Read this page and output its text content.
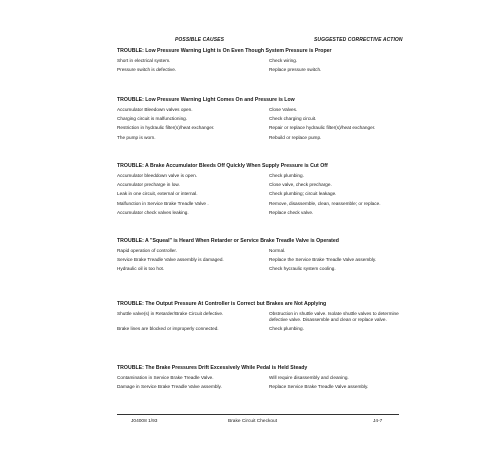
POSSIBLE CAUSES	SUGGESTED CORRECTIVE ACTION
TROUBLE: Low Pressure Warning Light is On Even Though System Pressure is Proper
Short in electrical system.	Check wiring.
Pressure switch is defective.	Replace pressure switch.
TROUBLE: Low Pressure Warning Light Comes On and Pressure is Low
Accumulator Bleedown valves open.	Close Valves.
Charging circuit is malfunctioning.	Check charging circuit.
Restriction in hydraulic filter(s)/heat exchanger.	Repair or replace hydraulic filter(s)/heat exchanger.
The pump is worn.	Rebuild or replace pump.
TROUBLE: A Brake Accumulator Bleeds Off Quickly When Supply Pressure is Cut Off
Accumulator bleeddown valve is open.	Check plumbing.
Accumulator precharge in low.	Close valve, check precharge.
Leak in one circuit, external or internal.	Check plumbing; circuit leakage.
Malfunction in Service Brake Treadle Valve .	Remove, disassemble, clean, reassemble; or replace.
Accumulator check valves leaking.	Replace check valve.
TROUBLE: A "Squeal" is Heard When Retarder or Service Brake Treadle Valve is Operated
Rapid operation of controller.	Normal.
Service Brake Treadle Valve assembly is damaged.	Replace the Service Brake Treadle Valve assembly.
Hydraulic oil is too hot.	Check hycraulic system cooling.
TROUBLE: The Output Pressure At Controller is Correct but Brakes are Not Applying
Shuttle valve(s) in Retarder/Brake Circuit defective.	Obstruction in shuttle valve. Isolate shuttle valves to determine defective valve. Disassemble and clean or replace valve.
Brake lines are blocked or improperly connected.	Check plumbing.
TROUBLE: The Brake Pressures Drift Excessively While Pedal is Held Steady
Contamination in Service Brake Treadle Valve.	Will require disassembly and cleaning.
Damage in Service Brake Treadle Valve assembly.	Replace Service Brake Treadle Valve assembly.
J04008 1/93	Brake Circuit Checkout	J4-7
